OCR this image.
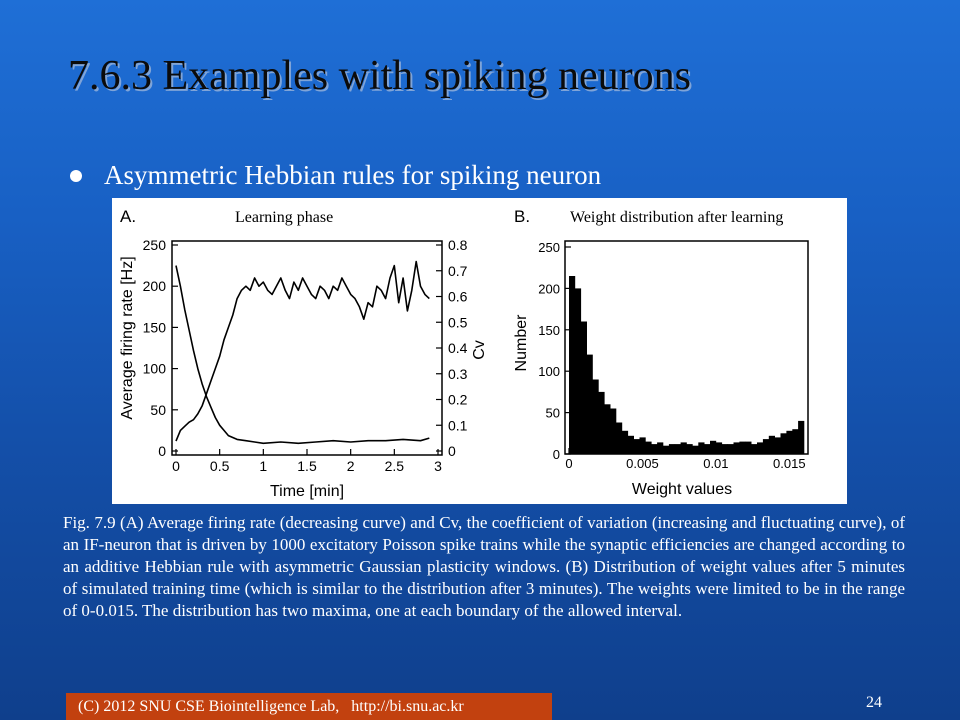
7.6.3 Examples with spiking neurons
Asymmetric Hebbian rules for spiking neuron
A.	Learning phase
Time [min]
Average firing rate [Hz]	Cv
0 0.5 1 1.5 2 2.5 3
0
50
100
150
200
250
0
0.1
0.2
0.3
0.4
0.5
0.6
0.7
0.8
B. Weight distribution after learning
Weight values
Number
0	0.005	0.01	0.015
0
50
100
150
200
250

Fig. 7.9 (A) Average firing rate (decreasing curve) and Cv, the coefficient of variation (increasing and fluctuating curve), of an IF-neuron that is driven by 1000 excitatory Poisson spike trains while the synaptic efficiencies are changed according to an additive Hebbian rule with asymmetric Gaussian plasticity windows. (B) Distribution of weight values after 5 minutes of simulated training time (which is similar to the distribution after 3 minutes). The weights were limited to be in the range of 0-0.015. The distribution has two maxima, one at each boundary of the allowed interval.

(C) 2012 SNU CSE Biointelligence Lab,   http://bi.snu.ac.kr	24
